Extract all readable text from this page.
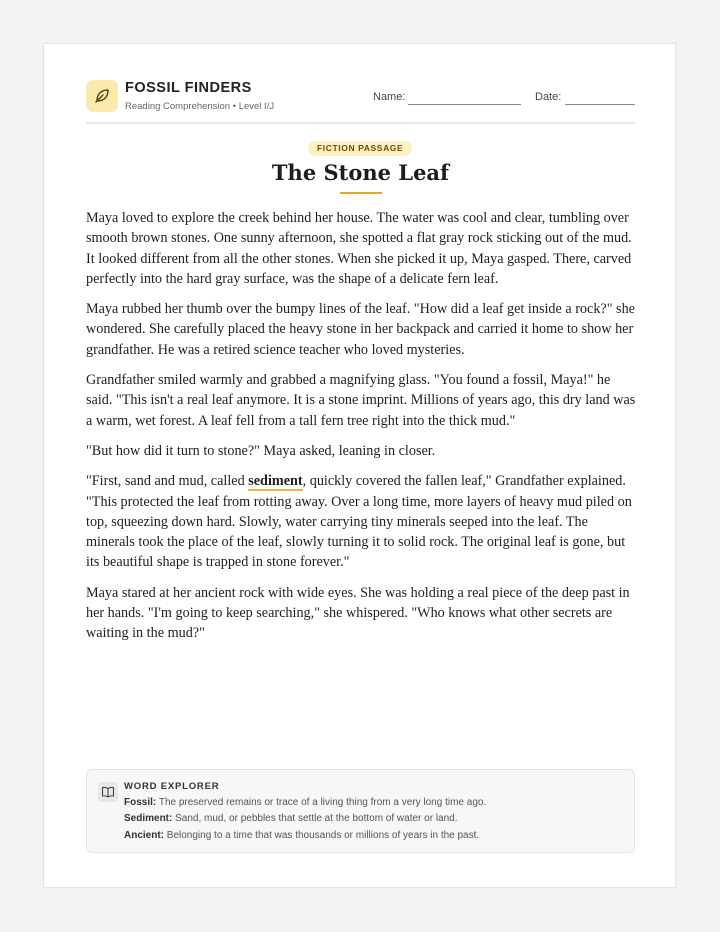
FOSSIL FINDERS
Reading Comprehension • Level I/J
Name:	Date:
FICTION PASSAGE
The Stone Leaf

Maya loved to explore the creek behind her house. The water was cool and clear, tumbling over smooth brown stones. One sunny afternoon, she spotted a flat gray rock sticking out of the mud. It looked different from all the other stones. When she picked it up, Maya gasped. There, carved perfectly into the hard gray surface, was the shape of a delicate fern leaf.

Maya rubbed her thumb over the bumpy lines of the leaf. "How did a leaf get inside a rock?" she wondered. She carefully placed the heavy stone in her backpack and carried it home to show her grandfather. He was a retired science teacher who loved mysteries.

Grandfather smiled warmly and grabbed a magnifying glass. "You found a fossil, Maya!" he said. "This isn't a real leaf anymore. It is a stone imprint. Millions of years ago, this dry land was a warm, wet forest. A leaf fell from a tall fern tree right into the thick mud."

"But how did it turn to stone?" Maya asked, leaning in closer.

"First, sand and mud, called sediment, quickly covered the fallen leaf," Grandfather explained. "This protected the leaf from rotting away. Over a long time, more layers of heavy mud piled on top, squeezing down hard. Slowly, water carrying tiny minerals seeped into the leaf. The minerals took the place of the leaf, slowly turning it to solid rock. The original leaf is gone, but its beautiful shape is trapped in stone forever."

Maya stared at her ancient rock with wide eyes. She was holding a real piece of the deep past in her hands. "I'm going to keep searching," she whispered. "Who knows what other secrets are waiting in the mud?"

WORD EXPLORER
Fossil: The preserved remains or trace of a living thing from a very long time ago.
Sediment: Sand, mud, or pebbles that settle at the bottom of water or land.
Ancient: Belonging to a time that was thousands or millions of years in the past.
